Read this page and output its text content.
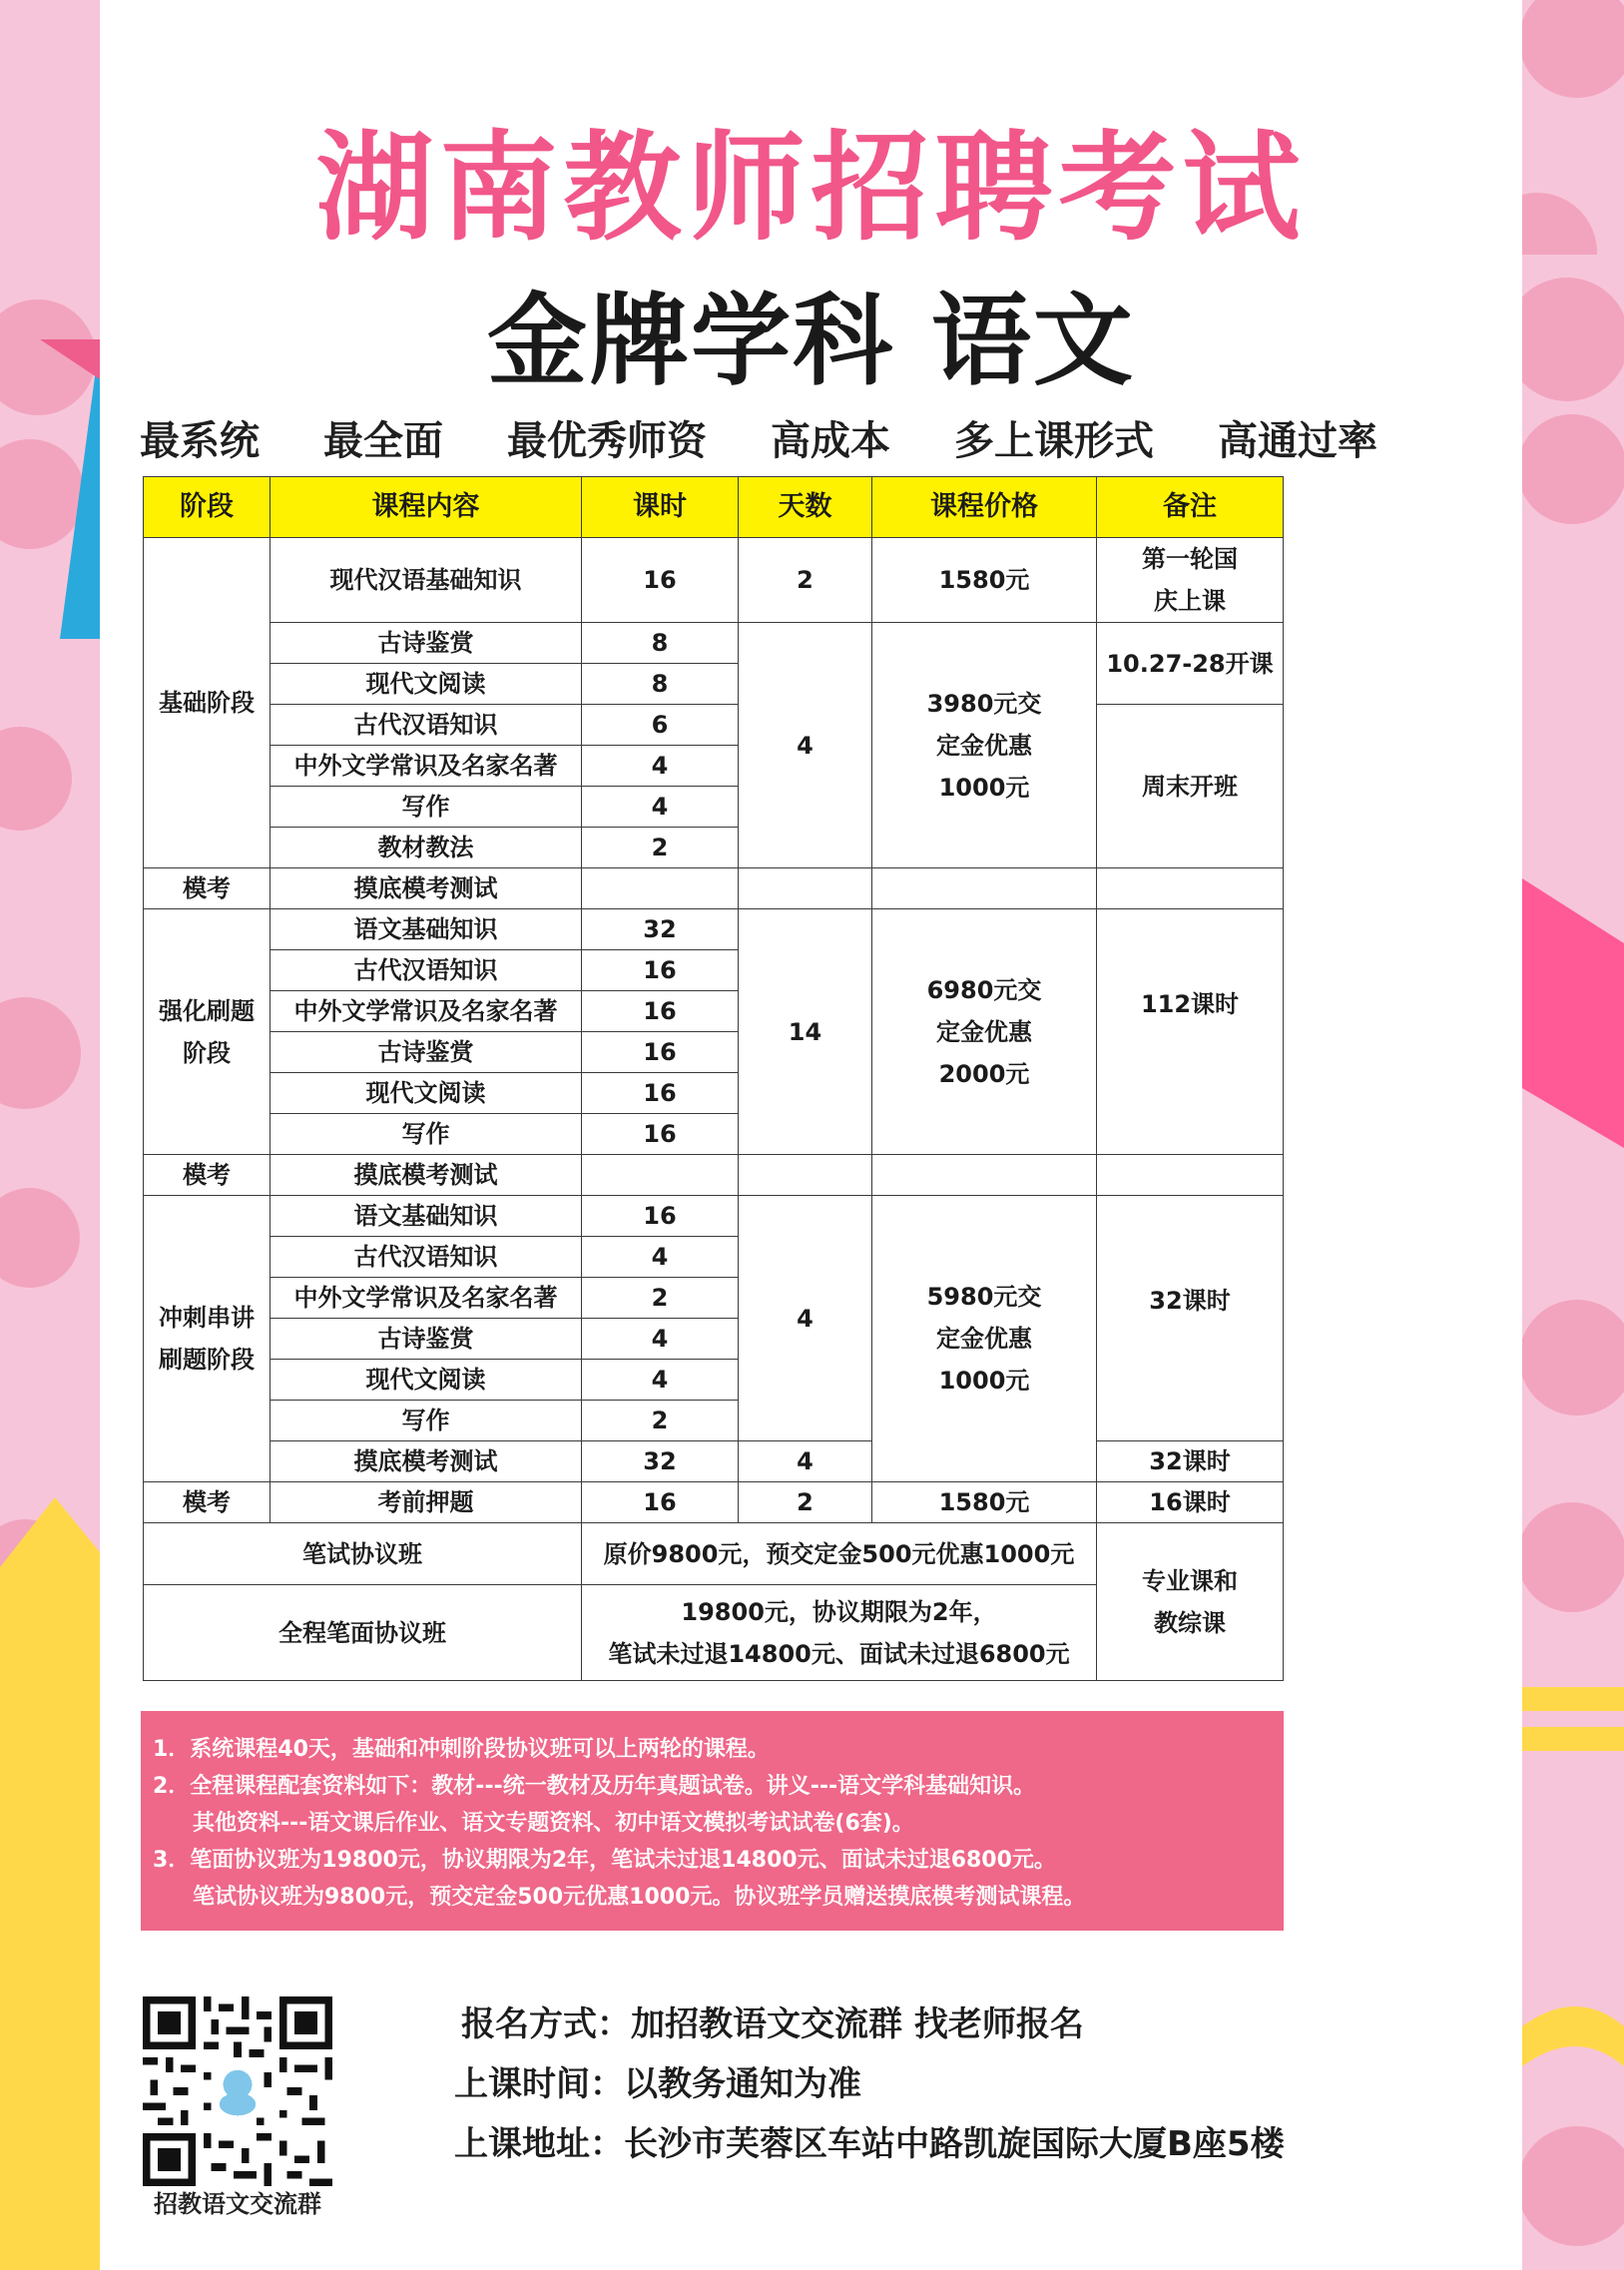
湖南教师招聘考试
金牌学科 语文
最系统 最全面 最优秀师资 高成本 多上课形式 高通过率
阶段	课程内容	课时	天数	课程价格	备注
基础阶段	现代汉语基础知识	16	2	1580元	第一轮国庆上课
	古诗鉴赏	8	4	3980元交定金优惠1000元	10.27-28开课
	现代文阅读	8			
	古代汉语知识	6			周末开班
	中外文学常识及名家名著	4			
	写作	4			
	教材教法	2			
模考	摸底模考测试				
强化刷题阶段	语文基础知识	32	14	6980元交定金优惠2000元	112课时
	古代汉语知识	16			
	中外文学常识及名家名著	16			
	古诗鉴赏	16			
	现代文阅读	16			
	写作	16			
模考	摸底模考测试				
冲刺串讲刷题阶段	语文基础知识	16	4	5980元交定金优惠1000元	32课时
	古代汉语知识	4			
	中外文学常识及名家名著	2			
	古诗鉴赏	4			
	现代文阅读	4			
	写作	2			
	摸底模考测试	32	4		32课时
模考	考前押题	16	2	1580元	16课时
笔试协议班		原价9800元，预交定金500元优惠1000元			专业课和教综课
全程笔面协议班		19800元，协议期限为2年，
笔试未过退14800元、面试未过退6800元			
1．系统课程40天，基础和冲刺阶段协议班可以上两轮的课程。
2．全程课程配套资料如下：教材---统一教材及历年真题试卷。讲义---语文学科基础知识。
其他资料---语文课后作业、语文专题资料、初中语文模拟考试试卷(6套)。
3．笔面协议班为19800元，协议期限为2年，笔试未过退14800元、面试未过退6800元。
笔试协议班为9800元，预交定金500元优惠1000元。协议班学员赠送摸底模考测试课程。
招教语文交流群
报名方式：加招教语文交流群 找老师报名
上课时间：以教务通知为准
上课地址：长沙市芙蓉区车站中路凯旋国际大厦B座5楼
